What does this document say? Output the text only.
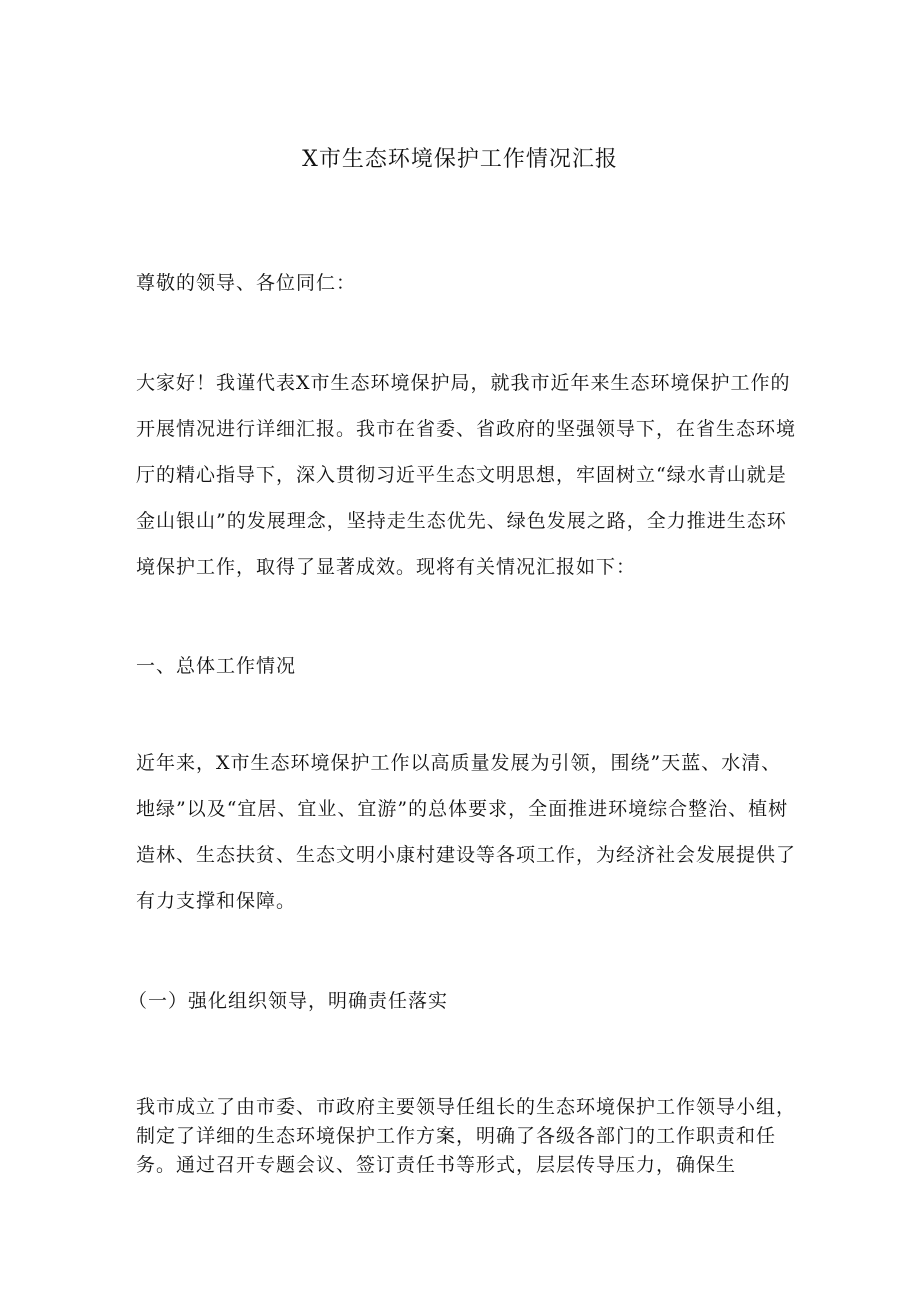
X市生态环境保护工作情况汇报
尊敬的领导、各位同仁：
大家好！我谨代表X市生态环境保护局，就我市近年来生态环境保护工作的开展情况进行详细汇报。我市在省委、省政府的坚强领导下，在省生态环境厅的精心指导下，深入贯彻习近平生态文明思想，牢固树立“绿水青山就是金山银山”的发展理念，坚持走生态优先、绿色发展之路，全力推进生态环境保护工作，取得了显著成效。现将有关情况汇报如下：
一、总体工作情况
近年来，X市生态环境保护工作以高质量发展为引领，围绕”天蓝、水清、地绿”以及“宜居、宜业、宜游”的总体要求，全面推进环境综合整治、植树造林、生态扶贫、生态文明小康村建设等各项工作，为经济社会发展提供了有力支撑和保障。
（一）强化组织领导，明确责任落实
我市成立了由市委、市政府主要领导任组长的生态环境保护工作领导小组，制定了详细的生态环境保护工作方案，明确了各级各部门的工作职责和任务。通过召开专题会议、签订责任书等形式，层层传导压力，确保生
